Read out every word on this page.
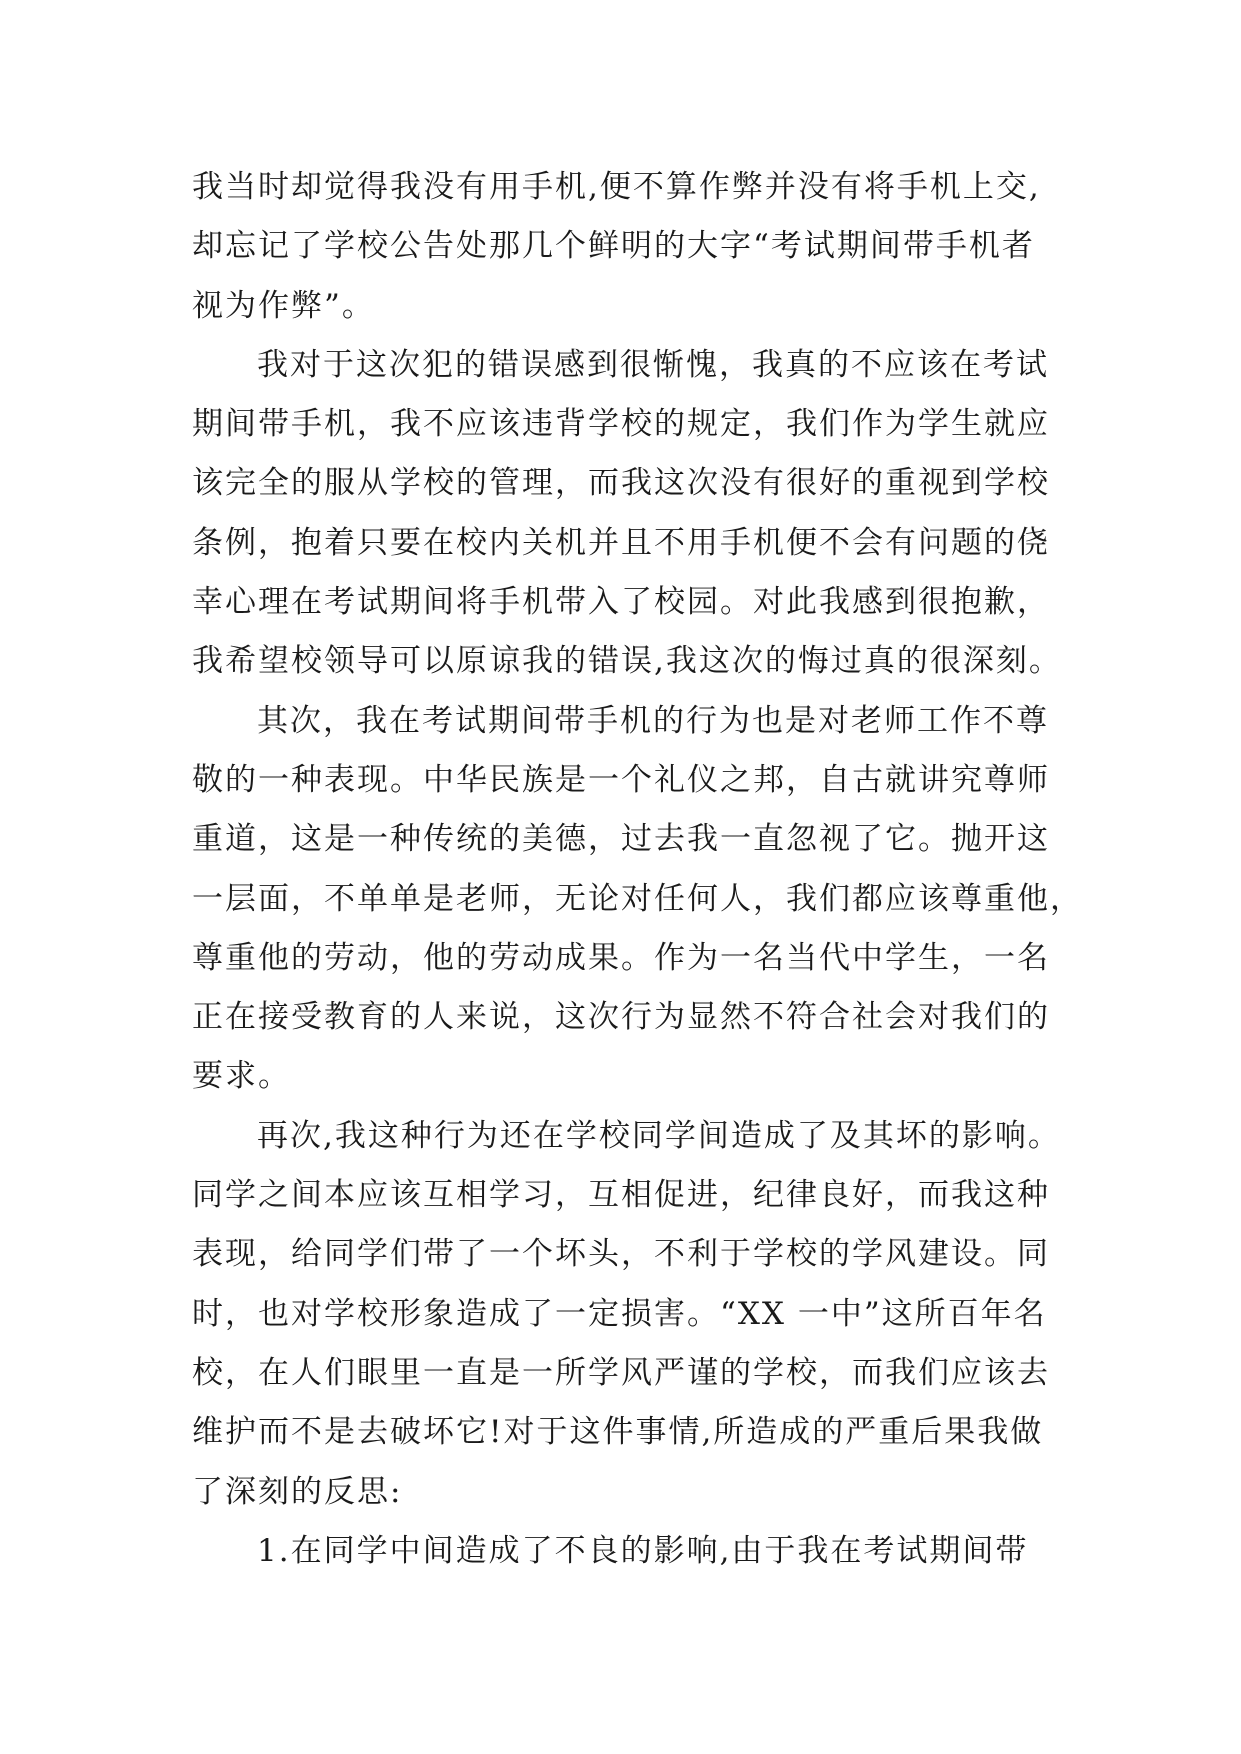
我当时却觉得我没有用手机,便不算作弊并没有将手机上交,
却忘记了学校公告处那几个鲜明的大字“考试期间带手机者
视为作弊”。
我对于这次犯的错误感到很惭愧，我真的不应该在考试
期间带手机，我不应该违背学校的规定，我们作为学生就应
该完全的服从学校的管理，而我这次没有很好的重视到学校
条例，抱着只要在校内关机并且不用手机便不会有问题的侥
幸心理在考试期间将手机带入了校园。对此我感到很抱歉，
我希望校领导可以原谅我的错误,我这次的悔过真的很深刻。
其次，我在考试期间带手机的行为也是对老师工作不尊
敬的一种表现。中华民族是一个礼仪之邦，自古就讲究尊师
重道，这是一种传统的美德，过去我一直忽视了它。抛开这
一层面，不单单是老师，无论对任何人，我们都应该尊重他，
尊重他的劳动，他的劳动成果。作为一名当代中学生，一名
正在接受教育的人来说，这次行为显然不符合社会对我们的
要求。
再次,我这种行为还在学校同学间造成了及其坏的影响。
同学之间本应该互相学习，互相促进，纪律良好，而我这种
表现，给同学们带了一个坏头，不利于学校的学风建设。同
时，也对学校形象造成了一定损害。“XX 一中”这所百年名
校，在人们眼里一直是一所学风严谨的学校，而我们应该去
维护而不是去破坏它!对于这件事情,所造成的严重后果我做
了深刻的反思:
1.在同学中间造成了不良的影响,由于我在考试期间带
